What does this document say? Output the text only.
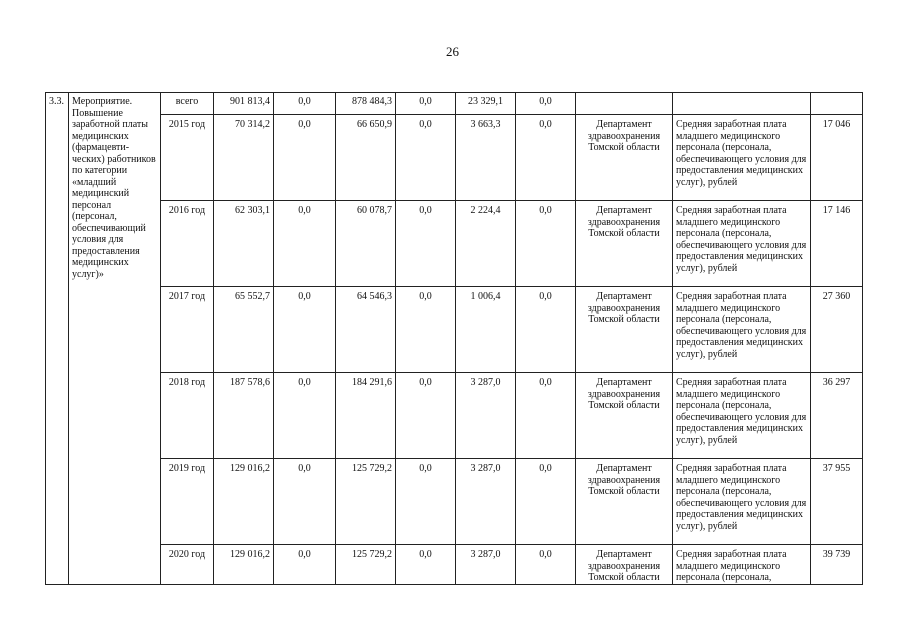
26
3.3.	Мероприятие. Повышение заработной платы медицинских (фармацевти-ческих) работников по категории «младший медицинский персонал (персонал, обеспечивающий условия для предоставления медицинских услуг)»	всего	901 813,4	0,0	878 484,3	0,0	23 329,1	0,0			
		2015 год	70 314,2	0,0	66 650,9	0,0	3 663,3	0,0	Департамент здравоохранения Томской области	Средняя заработная плата младшего медицинского персонала (персонала, обеспечивающего условия для предоставления медицинских услуг), рублей	17 046
		2016 год	62 303,1	0,0	60 078,7	0,0	2 224,4	0,0	Департамент здравоохранения Томской области	Средняя заработная плата младшего медицинского персонала (персонала, обеспечивающего условия для предоставления медицинских услуг), рублей	17 146
		2017 год	65 552,7	0,0	64 546,3	0,0	1 006,4	0,0	Департамент здравоохранения Томской области	Средняя заработная плата младшего медицинского персонала (персонала, обеспечивающего условия для предоставления медицинских услуг), рублей	27 360
		2018 год	187 578,6	0,0	184 291,6	0,0	3 287,0	0,0	Департамент здравоохранения Томской области	Средняя заработная плата младшего медицинского персонала (персонала, обеспечивающего условия для предоставления медицинских услуг), рублей	36 297
		2019 год	129 016,2	0,0	125 729,2	0,0	3 287,0	0,0	Департамент здравоохранения Томской области	Средняя заработная плата младшего медицинского персонала (персонала, обеспечивающего условия для предоставления медицинских услуг), рублей	37 955
		2020 год	129 016,2	0,0	125 729,2	0,0	3 287,0	0,0	Департамент здравоохранения Томской области	Средняя заработная плата младшего медицинского персонала (персонала,	39 739
